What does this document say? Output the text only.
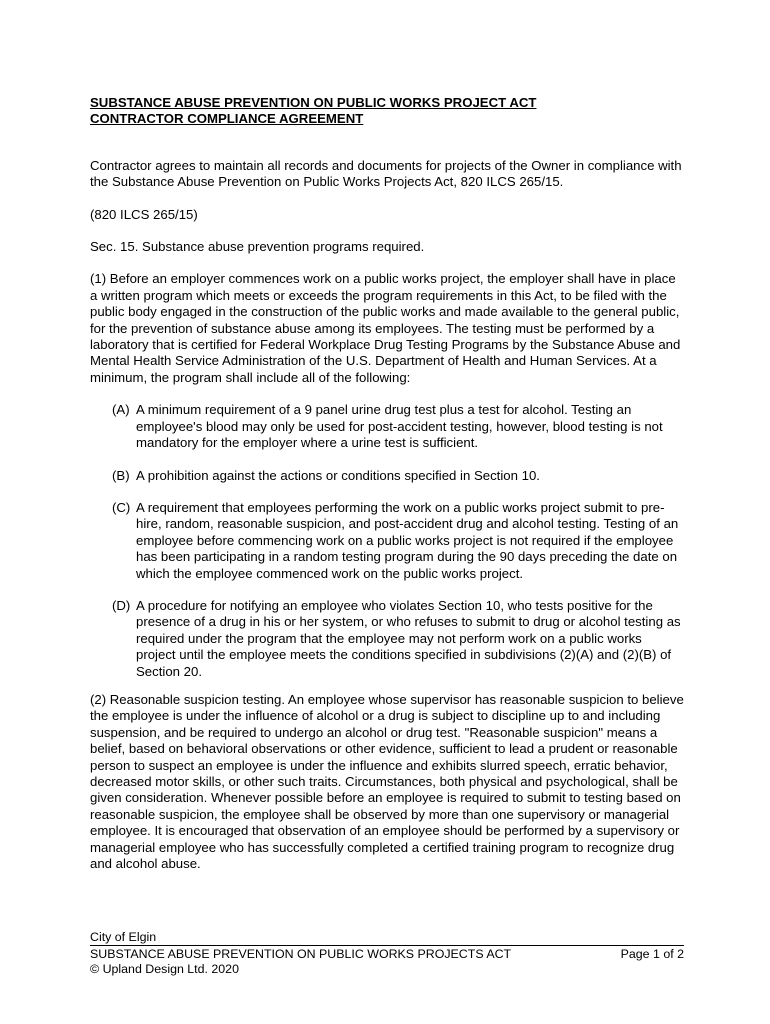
SUBSTANCE ABUSE PREVENTION ON PUBLIC WORKS PROJECT ACT
CONTRACTOR COMPLIANCE AGREEMENT

Contractor agrees to maintain all records and documents for projects of the Owner in compliance with the Substance Abuse Prevention on Public Works Projects Act, 820 ILCS 265/15.

(820 ILCS 265/15)

Sec. 15. Substance abuse prevention programs required.

(1) Before an employer commences work on a public works project, the employer shall have in place a written program which meets or exceeds the program requirements in this Act, to be filed with the public body engaged in the construction of the public works and made available to the general public, for the prevention of substance abuse among its employees. The testing must be performed by a laboratory that is certified for Federal Workplace Drug Testing Programs by the Substance Abuse and Mental Health Service Administration of the U.S. Department of Health and Human Services. At a minimum, the program shall include all of the following:

(A) A minimum requirement of a 9 panel urine drug test plus a test for alcohol. Testing an employee's blood may only be used for post-accident testing, however, blood testing is not mandatory for the employer where a urine test is sufficient.
(B) A prohibition against the actions or conditions specified in Section 10.
(C) A requirement that employees performing the work on a public works project submit to pre-hire, random, reasonable suspicion, and post-accident drug and alcohol testing. Testing of an employee before commencing work on a public works project is not required if the employee has been participating in a random testing program during the 90 days preceding the date on which the employee commenced work on the public works project.
(D) A procedure for notifying an employee who violates Section 10, who tests positive for the presence of a drug in his or her system, or who refuses to submit to drug or alcohol testing as required under the program that the employee may not perform work on a public works project until the employee meets the conditions specified in subdivisions (2)(A) and (2)(B) of Section 20.

(2) Reasonable suspicion testing. An employee whose supervisor has reasonable suspicion to believe the employee is under the influence of alcohol or a drug is subject to discipline up to and including suspension, and be required to undergo an alcohol or drug test. "Reasonable suspicion" means a belief, based on behavioral observations or other evidence, sufficient to lead a prudent or reasonable person to suspect an employee is under the influence and exhibits slurred speech, erratic behavior, decreased motor skills, or other such traits. Circumstances, both physical and psychological, shall be given consideration. Whenever possible before an employee is required to submit to testing based on reasonable suspicion, the employee shall be observed by more than one supervisory or managerial employee. It is encouraged that observation of an employee should be performed by a supervisory or managerial employee who has successfully completed a certified training program to recognize drug and alcohol abuse.

City of Elgin
SUBSTANCE ABUSE PREVENTION ON PUBLIC WORKS PROJECTS ACT	Page 1 of 2
© Upland Design Ltd. 2020
